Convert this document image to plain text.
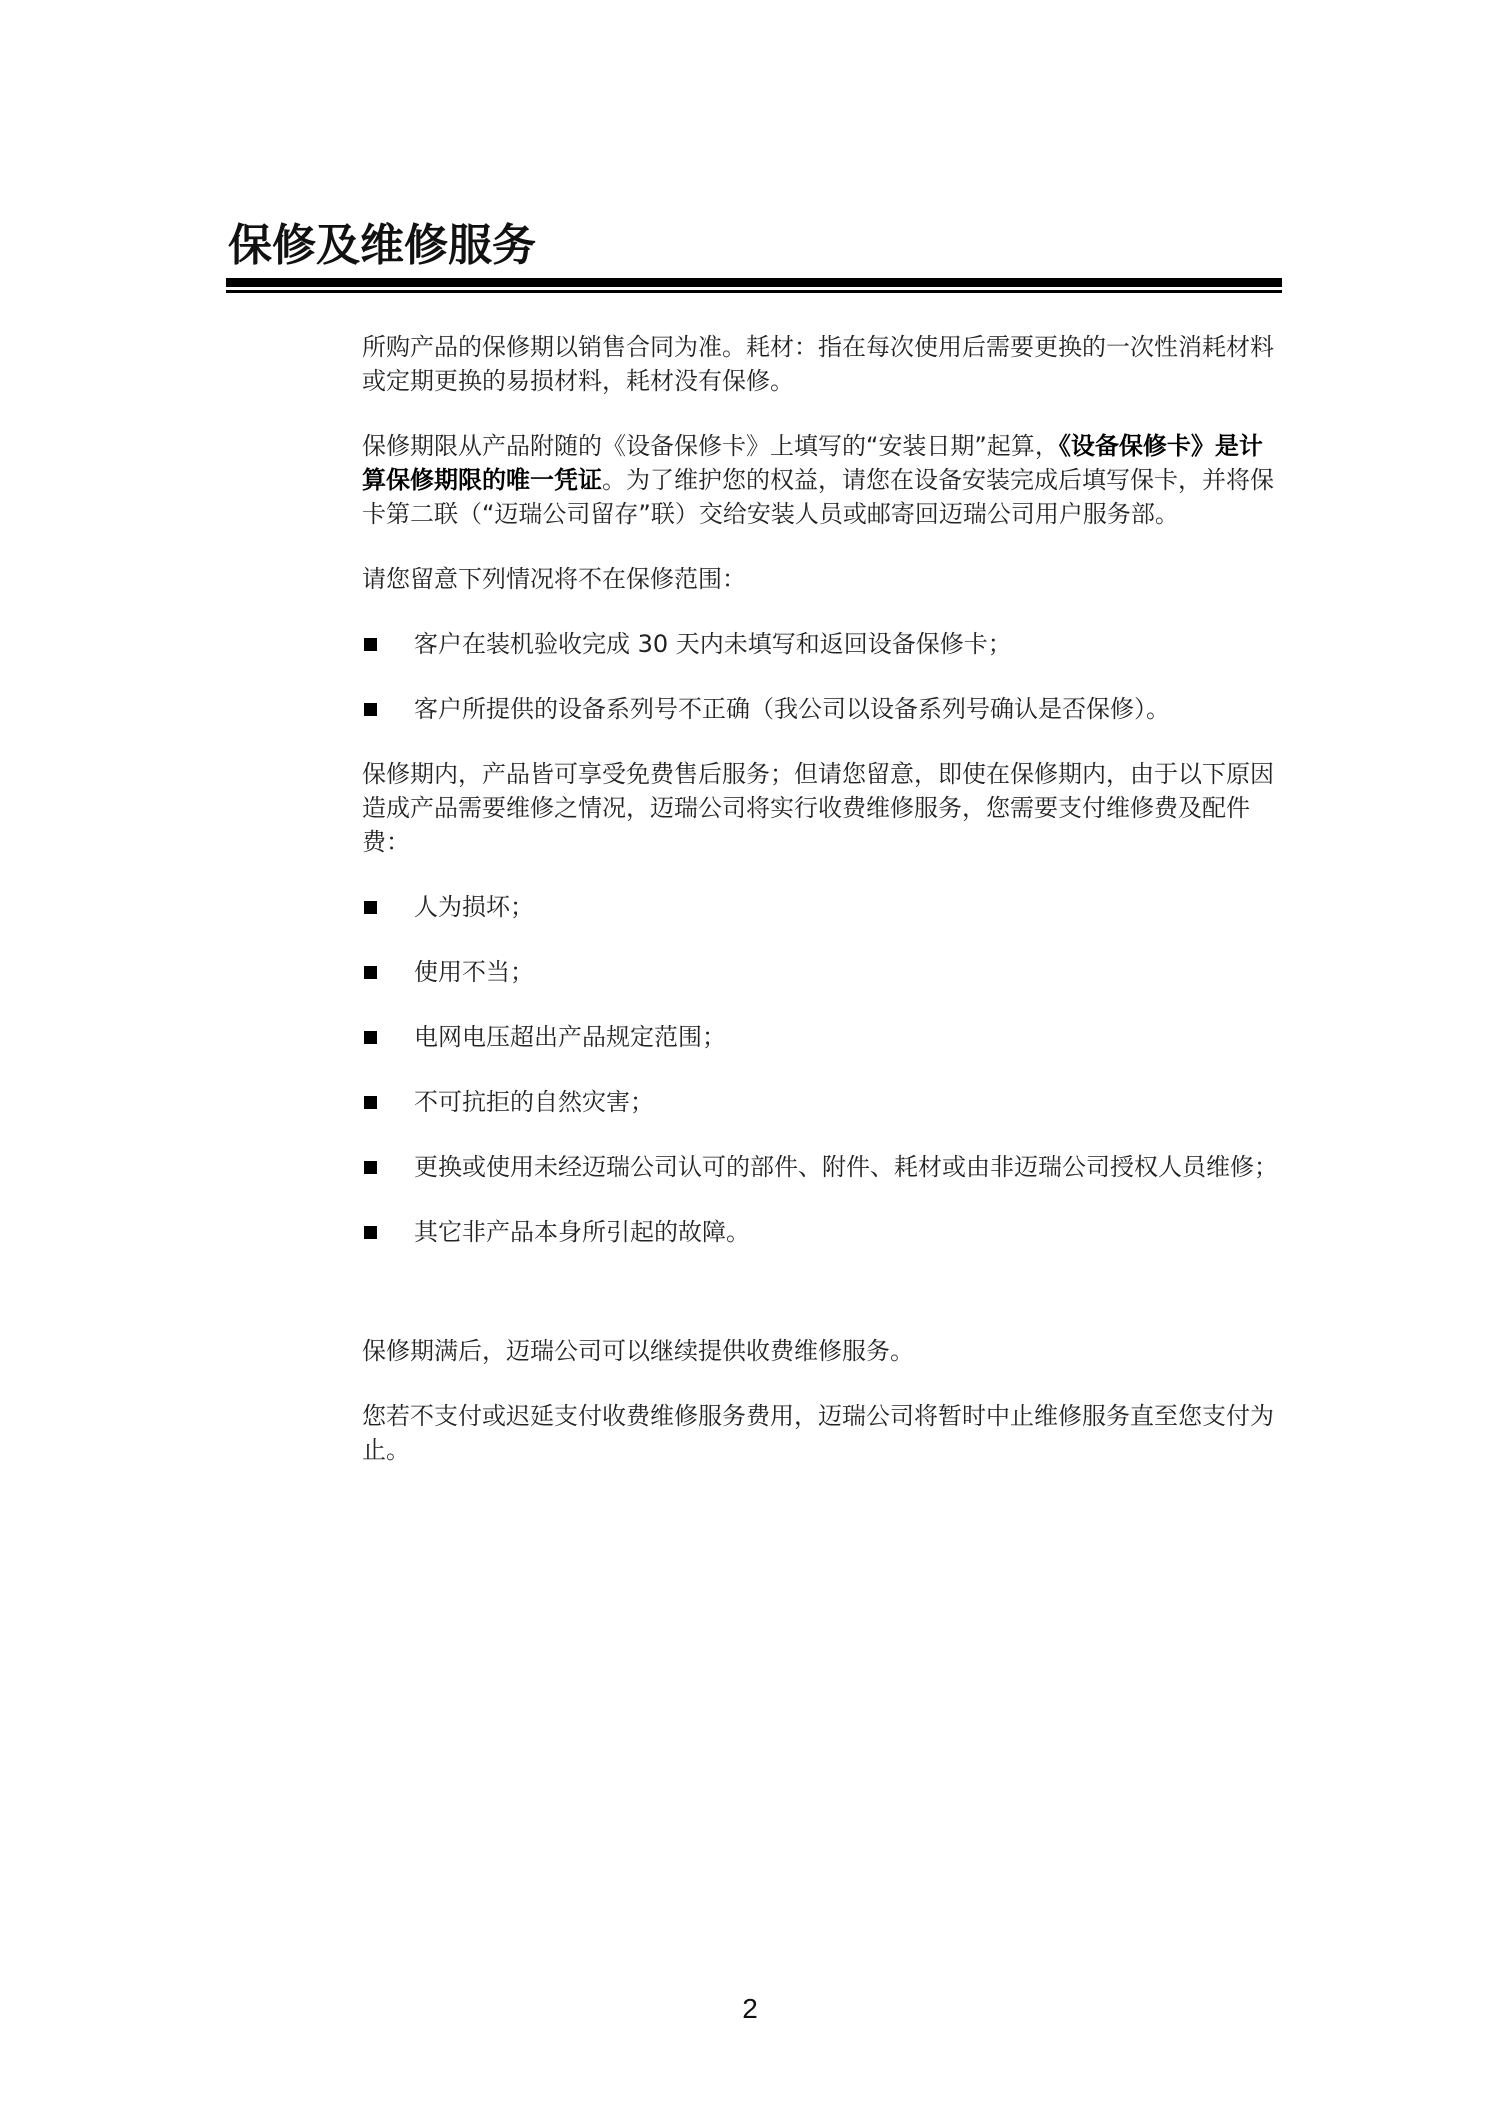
保修及维修服务

所购产品的保修期以销售合同为准。耗材：指在每次使用后需要更换的一次性消耗材料或定期更换的易损材料，耗材没有保修。

保修期限从产品附随的《设备保修卡》上填写的“安装日期”起算，《设备保修卡》是计算保修期限的唯一凭证。为了维护您的权益，请您在设备安装完成后填写保卡，并将保卡第二联（“迈瑞公司留存”联）交给安装人员或邮寄回迈瑞公司用户服务部。

请您留意下列情况将不在保修范围：

客户在装机验收完成 30 天内未填写和返回设备保修卡；
客户所提供的设备系列号不正确（我公司以设备系列号确认是否保修）。

保修期内，产品皆可享受免费售后服务；但请您留意，即使在保修期内，由于以下原因造成产品需要维修之情况，迈瑞公司将实行收费维修服务，您需要支付维修费及配件费：

人为损坏；
使用不当；
电网电压超出产品规定范围；
不可抗拒的自然灾害；
更换或使用未经迈瑞公司认可的部件、附件、耗材或由非迈瑞公司授权人员维修；
其它非产品本身所引起的故障。

保修期满后，迈瑞公司可以继续提供收费维修服务。

您若不支付或迟延支付收费维修服务费用，迈瑞公司将暂时中止维修服务直至您支付为止。

2
